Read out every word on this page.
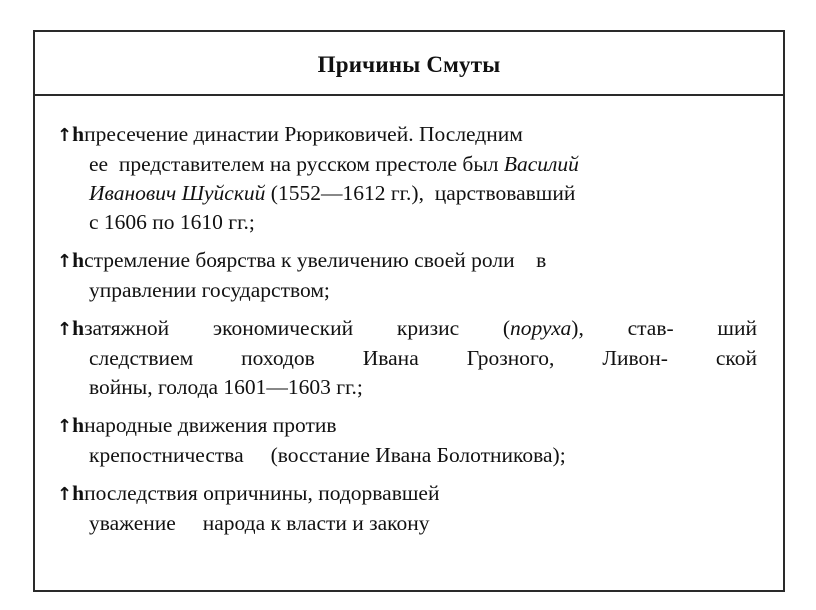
Причины Смуты
↑hпресечение династии Рюриковичей. Последним
ее  представителем на русском престоле был Василий
Иванович Шуйский (1552—1612 гг.),  царствовавший
с 1606 по 1610 гг.;
↑hстремление боярства к увеличению своей роли    в
управлении государством;
↑hзатяжной экономический кризис (поруха), став- ший
следствием походов Ивана Грозного, Ливон- ской
войны, голода 1601—1603 гг.;
↑hнародные движения против
крепостничества     (восстание Ивана Болотникова);
↑hпоследствия опричнины, подорвавшей
уважение     народа к власти и закону
